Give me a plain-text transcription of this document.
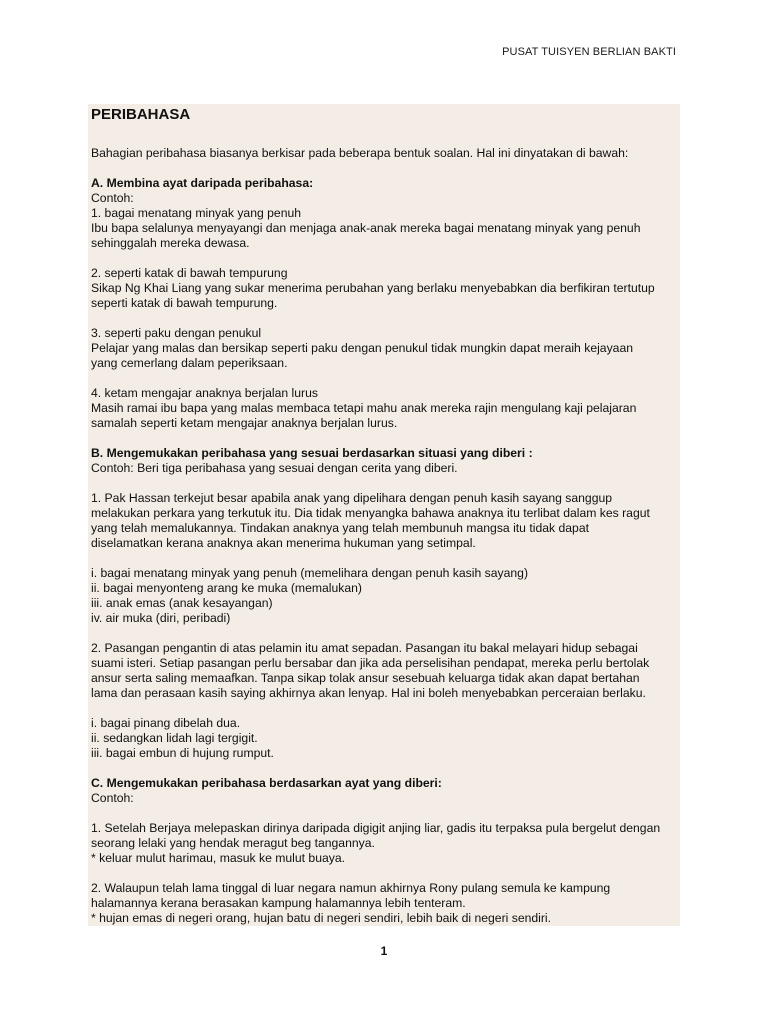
PUSAT TUISYEN BERLIAN BAKTI
PERIBAHASA

Bahagian peribahasa biasanya berkisar pada beberapa bentuk soalan. Hal ini dinyatakan di bawah:

A. Membina ayat daripada peribahasa:

Contoh:

1. bagai menatang minyak yang penuh

Ibu bapa selalunya menyayangi dan menjaga anak-anak mereka bagai menatang minyak yang penuh

sehinggalah mereka dewasa.

2. seperti katak di bawah tempurung

Sikap Ng Khai Liang yang sukar menerima perubahan yang berlaku menyebabkan dia berfikiran tertutup

seperti katak di bawah tempurung.

3. seperti paku dengan penukul

Pelajar yang malas dan bersikap seperti paku dengan penukul tidak mungkin dapat meraih kejayaan

yang cemerlang dalam peperiksaan.

4. ketam mengajar anaknya berjalan lurus

Masih ramai ibu bapa yang malas membaca tetapi mahu anak mereka rajin mengulang kaji pelajaran

samalah seperti ketam mengajar anaknya berjalan lurus.

B. Mengemukakan peribahasa yang sesuai berdasarkan situasi yang diberi :

Contoh: Beri tiga peribahasa yang sesuai dengan cerita yang diberi.

1. Pak Hassan terkejut besar apabila anak yang dipelihara dengan penuh kasih sayang sanggup

melakukan perkara yang terkutuk itu. Dia tidak menyangka bahawa anaknya itu terlibat dalam kes ragut

yang telah memalukannya. Tindakan anaknya yang telah membunuh mangsa itu tidak dapat

diselamatkan kerana anaknya akan menerima hukuman yang setimpal.

i. bagai menatang minyak yang penuh (memelihara dengan penuh kasih sayang)

ii. bagai menyonteng arang ke muka (memalukan)

iii. anak emas (anak kesayangan)

iv. air muka (diri, peribadi)

2. Pasangan pengantin di atas pelamin itu amat sepadan. Pasangan itu bakal melayari hidup sebagai

suami isteri. Setiap pasangan perlu bersabar dan jika ada perselisihan pendapat, mereka perlu bertolak

ansur serta saling memaafkan. Tanpa sikap tolak ansur sesebuah keluarga tidak akan dapat bertahan

lama dan perasaan kasih saying akhirnya akan lenyap. Hal ini boleh menyebabkan perceraian berlaku.

i. bagai pinang dibelah dua.

ii. sedangkan lidah lagi tergigit.

iii. bagai embun di hujung rumput.

C. Mengemukakan peribahasa berdasarkan ayat yang diberi:

Contoh:

1. Setelah Berjaya melepaskan dirinya daripada digigit anjing liar, gadis itu terpaksa pula bergelut dengan

seorang lelaki yang hendak meragut beg tangannya.

* keluar mulut harimau, masuk ke mulut buaya.

2. Walaupun telah lama tinggal di luar negara namun akhirnya Rony pulang semula ke kampung

halamannya kerana berasakan kampung halamannya lebih tenteram.

* hujan emas di negeri orang, hujan batu di negeri sendiri, lebih baik di negeri sendiri.

1
